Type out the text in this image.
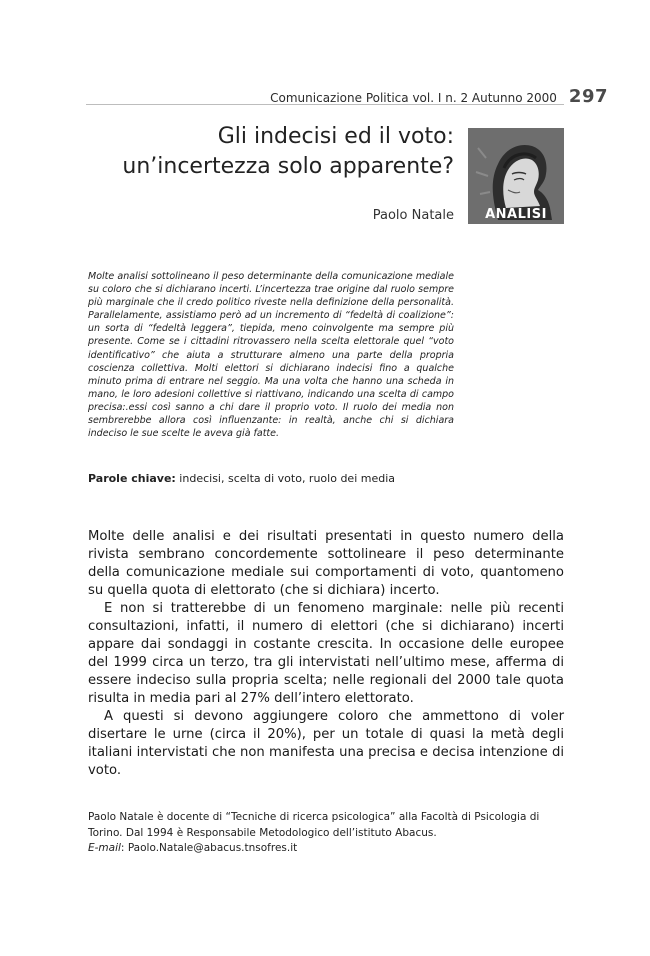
Comunicazione Politica vol. I n. 2 Autunno 2000 297
Gli indecisi ed il voto:
un’incertezza solo apparente?
Paolo Natale	ANALISI
Molte analisi sottolineano il peso determinante della comunicazione mediale su coloro che si dichiarano incerti. L’incertezza trae origine dal ruolo sempre più marginale che il credo politico riveste nella definizione della personalità. Parallelamente, assistiamo però ad un incremento di “fedeltà di coalizione”: un sorta di “fedeltà leggera”, tiepida, meno coinvolgente ma sempre più presente. Come se i cittadini ritrovassero nella scelta elettorale quel “voto identificativo” che aiuta a strutturare almeno una parte della propria coscienza collettiva. Molti elettori si dichiarano indecisi fino a qualche minuto prima di entrare nel seggio. Ma una volta che hanno una scheda in mano, le loro adesioni collettive si riattivano, indicando una scelta di campo precisa:.essi così sanno a chi dare il proprio voto. Il ruolo dei media non sembrerebbe allora così influenzante: in realtà, anche chi si dichiara indeciso le sue scelte le aveva già fatte.
Parole chiave: indecisi, scelta di voto, ruolo dei media

Molte delle analisi e dei risultati presentati in questo numero della rivista sembrano concordemente sottolineare il peso determinante della comunicazione mediale sui comportamenti di voto, quantomeno su quella quota di elettorato (che si dichiara) incerto.

E non si tratterebbe di un fenomeno marginale: nelle più recenti consultazioni, infatti, il numero di elettori (che si dichiarano) incerti appare dai sondaggi in costante crescita. In occasione delle europee del 1999 circa un terzo, tra gli intervistati nell’ultimo mese, afferma di essere indeciso sulla propria scelta; nelle regionali del 2000 tale quota risulta in media pari al 27% dell’intero elettorato.

A questi si devono aggiungere coloro che ammettono di voler disertare le urne (circa il 20%), per un totale di quasi la metà degli italiani intervistati che non manifesta una precisa e decisa intenzione di voto.

Paolo Natale è docente di “Tecniche di ricerca psicologica” alla Facoltà di Psicologia di Torino. Dal 1994 è Responsabile Metodologico dell’istituto Abacus.

E-mail: Paolo.Natale@abacus.tnsofres.it
